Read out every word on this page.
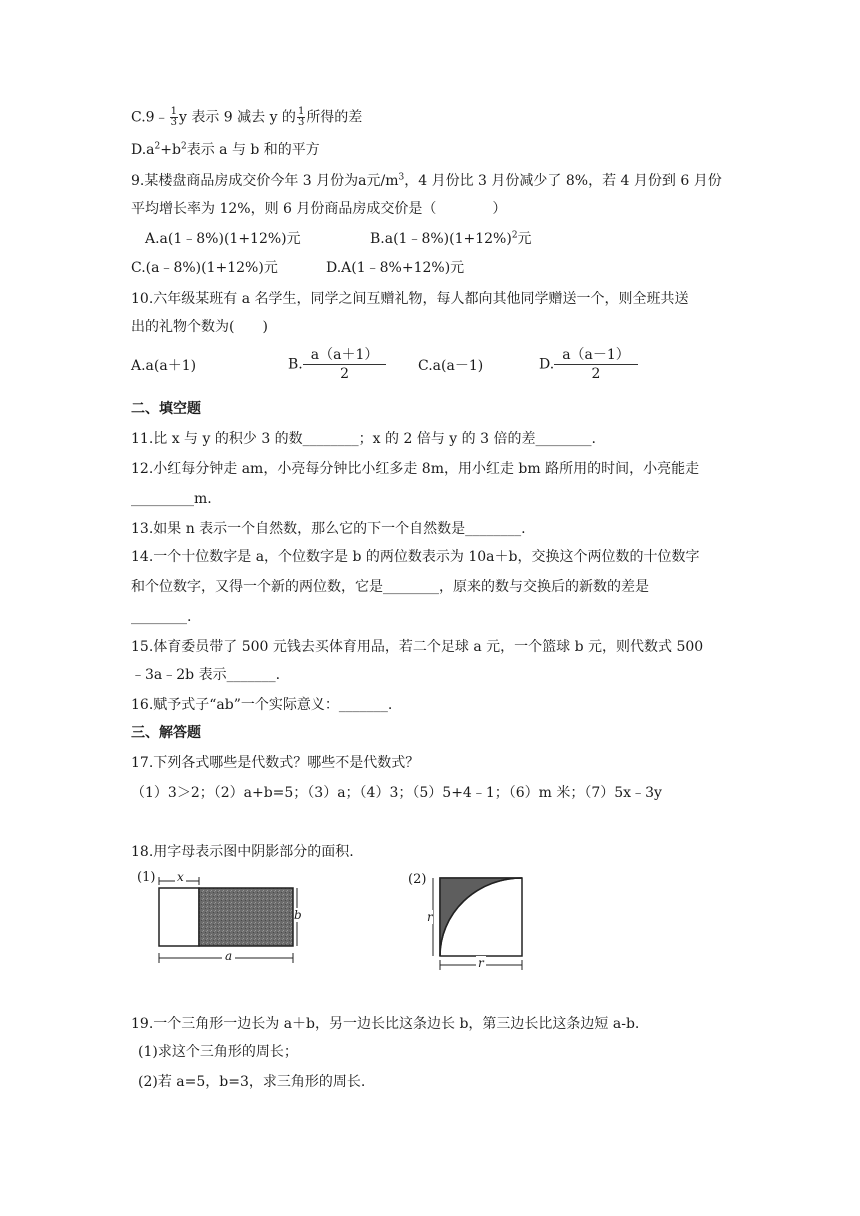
C.9﹣ $\frac{1}{3}$ y 表示 9 减去 y 的 $\frac{1}{3}$ 所得的差
$D.a^2+b^2$表示 a 与 b 和的平方
9.某楼盘商品房成交价今年 3 月份为a元$/m^3$，4 月份比 3 月份减少了 8%，若 4 月份到 6 月份
平均增长率为 12%，则 6 月份商品房成交价是（　　　　）
A.a(1﹣8%)(1+12%)元	$B.a(1﹣8\%)(1+12\%)^2$元
C.(a﹣8%)(1+12%)元	D.A(1﹣8%+12%)元
10.六年级某班有 a 名学生，同学之间互赠礼物，每人都向其他同学赠送一个，则全班共送
出的礼物个数为(　　)
A.a(a＋1)	B. $\frac{a(a+1)}{2} C.a(a-1)$	D. $\frac{a(a-1)}{2}$
二、填空题
11.比 x 与 y 的积少 3 的数________；x 的 2 倍与 y 的 3 倍的差________.
12.小红每分钟走 am，小亮每分钟比小红多走 8m，用小红走 bm 路所用的时间，小亮能走
_________m.
13.如果 n 表示一个自然数，那么它的下一个自然数是________.
14.一个十位数字是 a，个位数字是 b 的两位数表示为 10a＋b，交换这个两位数的十位数字
和个位数字，又得一个新的两位数，它是________，原来的数与交换后的新数的差是
________.
15.体育委员带了 500 元钱去买体育用品，若二个足球 a 元，一个篮球 b 元，则代数式 500
﹣3a﹣2b 表示_______.
16.赋予式子“ab”一个实际意义：_______.
三、解答题
17.下列各式哪些是代数式？哪些不是代数式？
（1）3＞2；（2）a+b=5；（3）a；（4）3；（5）5+4﹣1；（6）m 米；（7）5x﹣3y
18.用字母表示图中阴影部分的面积.
(1) x
b
a
(2)
r
r
19.一个三角形一边长为 a＋b，另一边长比这条边长 b，第三边长比这条边短 a-b.
(1)求这个三角形的周长；
(2)若 a=5，b=3，求三角形的周长.
